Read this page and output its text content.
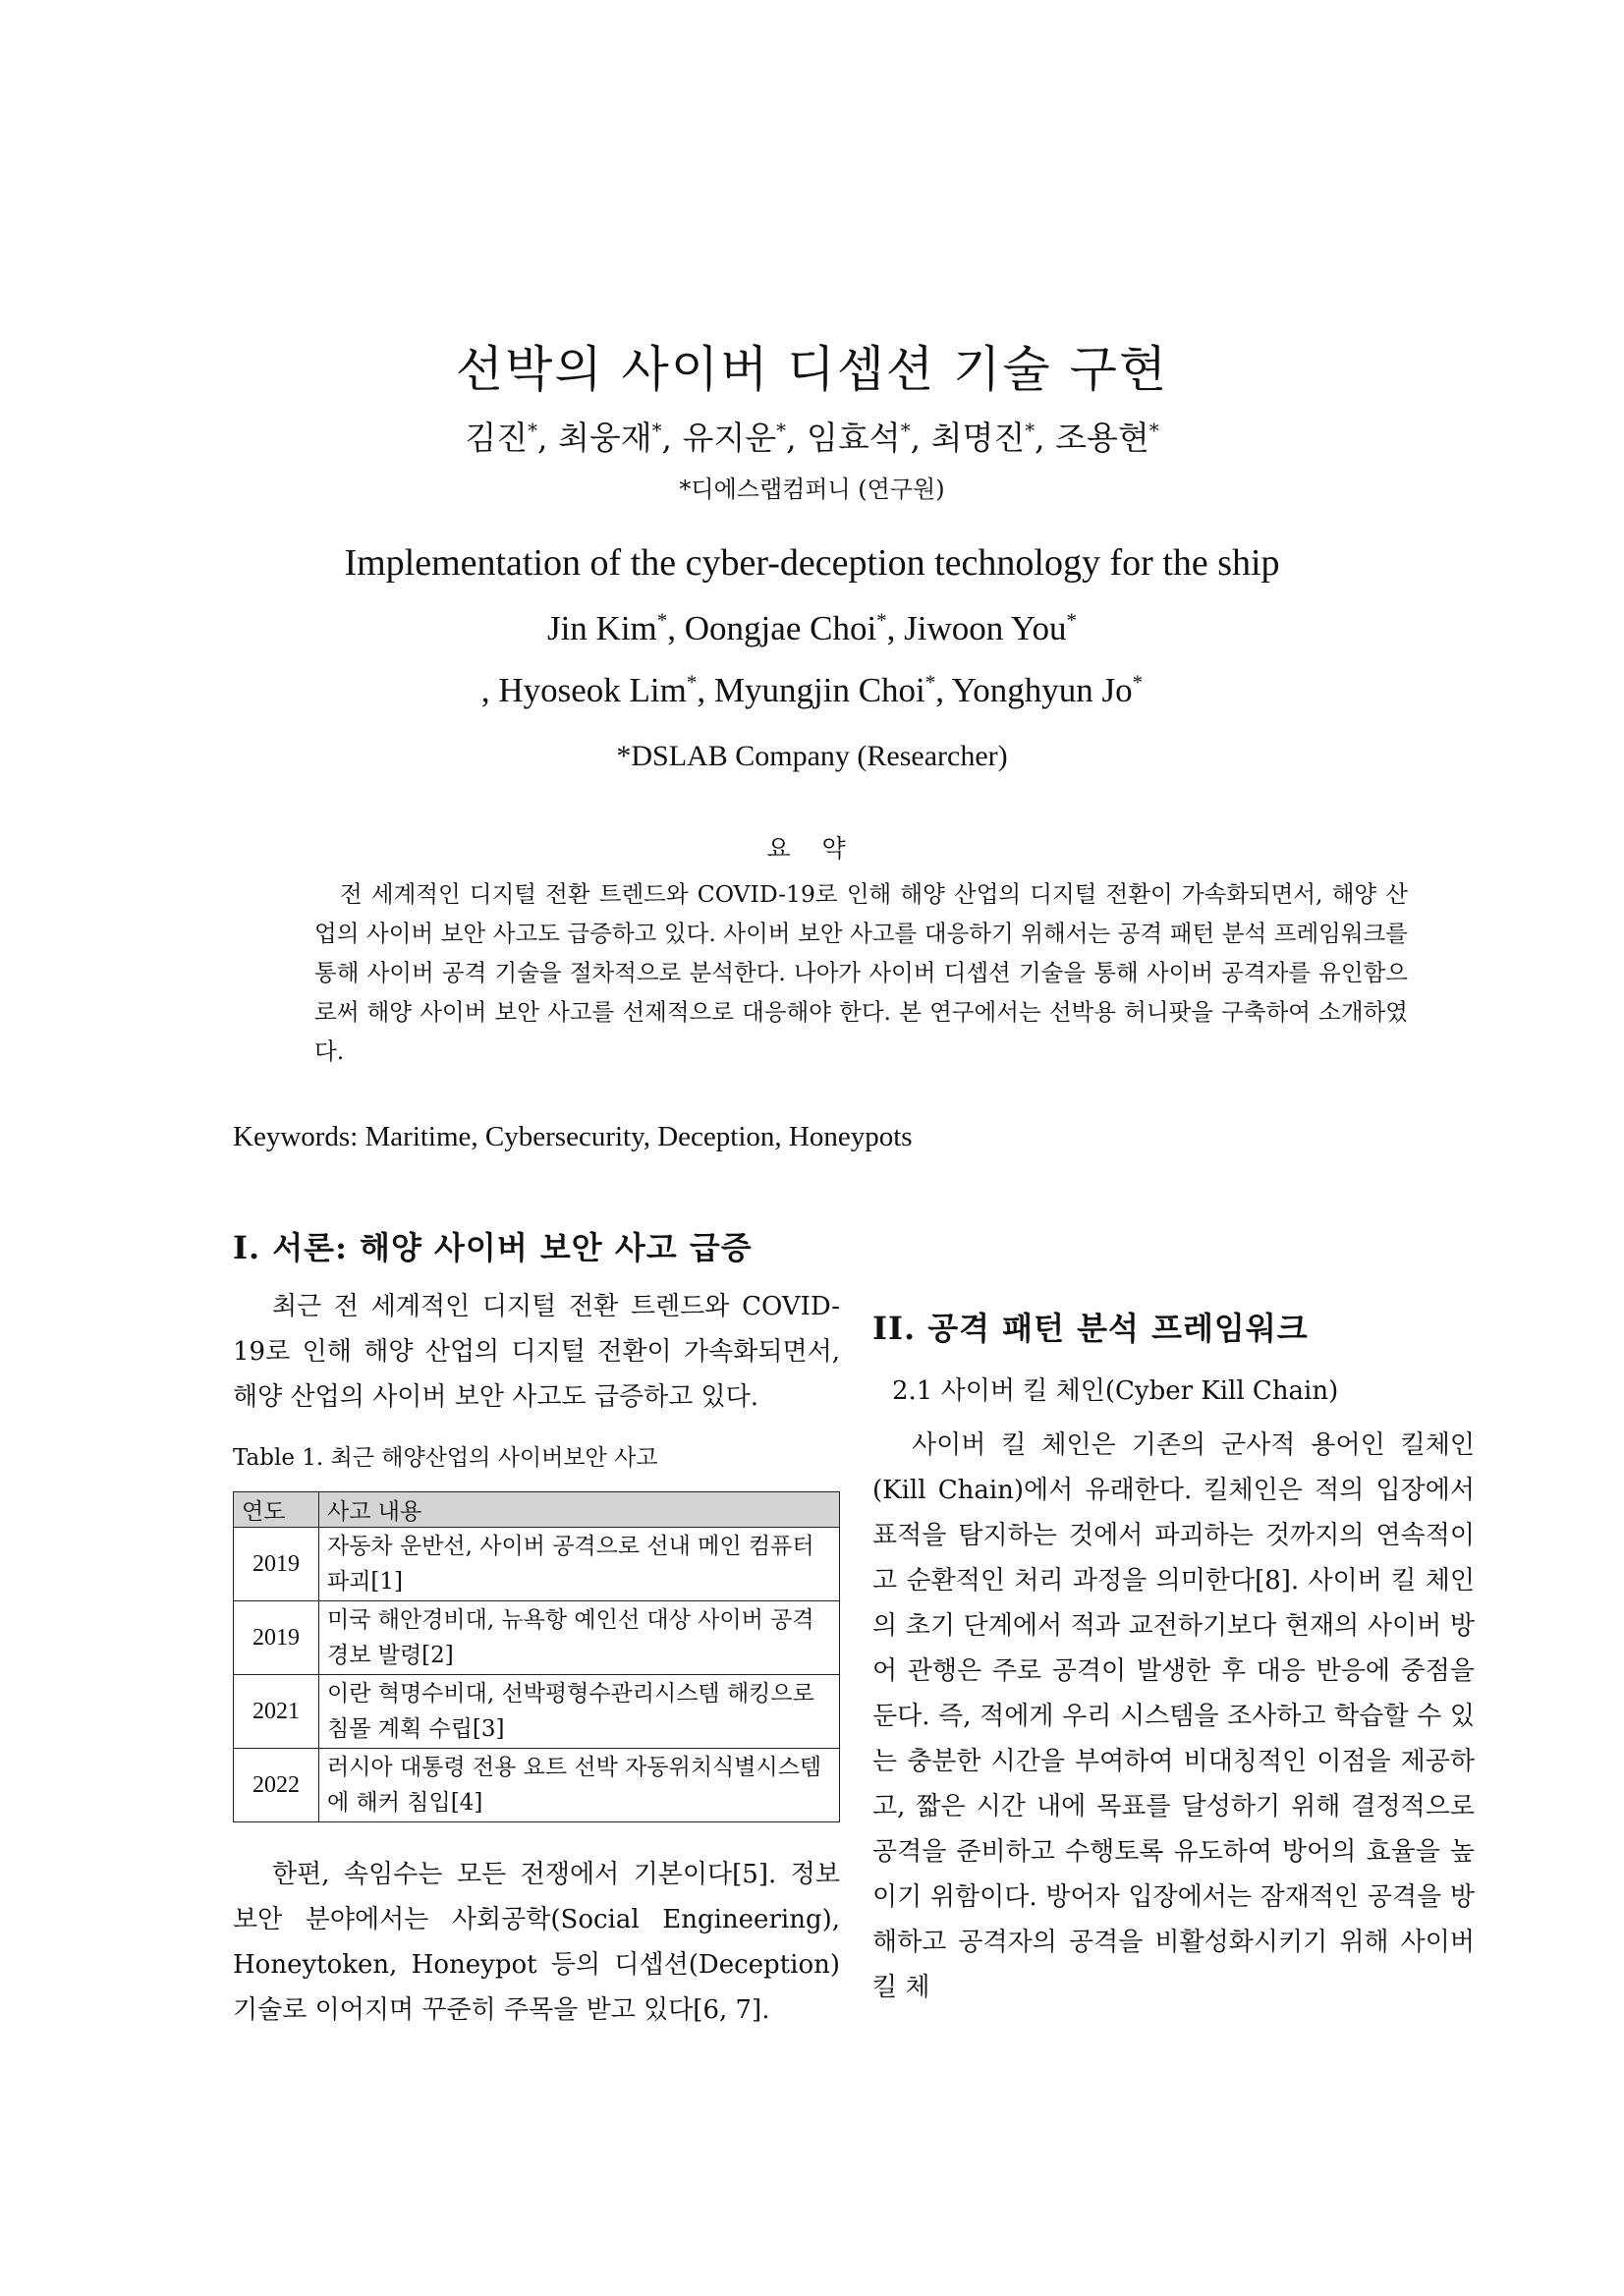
선박의 사이버 디셉션 기술 구현
김진*, 최웅재*, 유지운*, 임효석*, 최명진*, 조용현*
*디에스랩컴퍼니 (연구원)
Implementation of the cyber-deception technology for the ship
Jin Kim*, Oongjae Choi*, Jiwoon You*
, Hyoseok Lim*, Myungjin Choi*, Yonghyun Jo*
*DSLAB Company (Researcher)
요 약

전 세계적인 디지털 전환 트렌드와 COVID-19로 인해 해양 산업의 디지털 전환이 가속화되면서, 해양 산업의 사이버 보안 사고도 급증하고 있다. 사이버 보안 사고를 대응하기 위해서는 공격 패턴 분석 프레임워크를 통해 사이버 공격 기술을 절차적으로 분석한다. 나아가 사이버 디셉션 기술을 통해 사이버 공격자를 유인함으로써 해양 사이버 보안 사고를 선제적으로 대응해야 한다. 본 연구에서는 선박용 허니팟을 구축하여 소개하였다.

Keywords: Maritime, Cybersecurity, Deception, Honeypots

I. 서론: 해양 사이버 보안 사고 급증

최근 전 세계적인 디지털 전환 트렌드와 COVID-19로 인해 해양 산업의 디지털 전환이 가속화되면서, 해양 산업의 사이버 보안 사고도 급증하고 있다.

Table 1. 최근 해양산업의 사이버보안 사고

연도	사고 내용
2019	자동차 운반선, 사이버 공격으로 선내 메인 컴퓨터 파괴[1]
2019	미국 해안경비대, 뉴욕항 예인선 대상 사이버 공격 경보 발령[2]
2021	이란 혁명수비대, 선박평형수관리시스템 해킹으로 침몰 계획 수립[3]
2022	러시아 대통령 전용 요트 선박 자동위치식별시스템에 해커 침입[4]

한편, 속임수는 모든 전쟁에서 기본이다[5]. 정보 보안 분야에서는 사회공학(Social Engineering), Honeytoken, Honeypot 등의 디셉션(Deception) 기술로 이어지며 꾸준히 주목을 받고 있다[6, 7].

II. 공격 패턴 분석 프레임워크

2.1 사이버 킬 체인(Cyber Kill Chain)

사이버 킬 체인은 기존의 군사적 용어인 킬체인 (Kill Chain)에서 유래한다. 킬체인은 적의 입장에서 표적을 탐지하는 것에서 파괴하는 것까지의 연속적이고 순환적인 처리 과정을 의미한다[8]. 사이버 킬 체인의 초기 단계에서 적과 교전하기보다 현재의 사이버 방어 관행은 주로 공격이 발생한 후 대응 반응에 중점을 둔다. 즉, 적에게 우리 시스템을 조사하고 학습할 수 있는 충분한 시간을 부여하여 비대칭적인 이점을 제공하고, 짧은 시간 내에 목표를 달성하기 위해 결정적으로 공격을 준비하고 수행토록 유도하여 방어의 효율을 높이기 위함이다. 방어자 입장에서는 잠재적인 공격을 방해하고 공격자의 공격을 비활성화시키기 위해 사이버 킬 체
